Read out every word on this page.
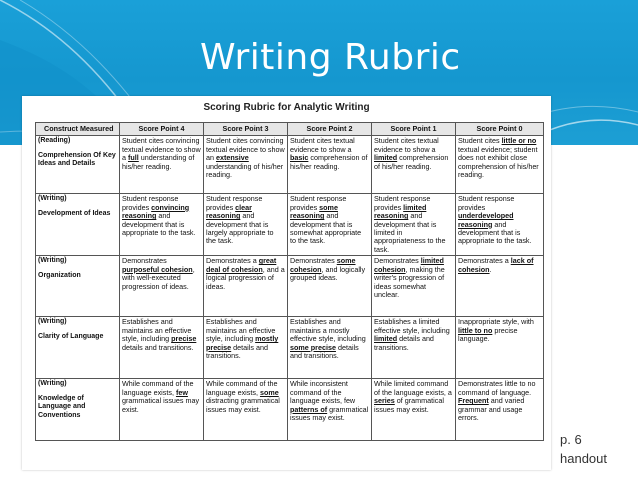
Writing Rubric
Scoring Rubric for Analytic Writing
Construct Measured	Score Point 4	Score Point 3	Score Point 2	Score Point 1	Score Point 0
(Reading)
Comprehension Of Key Ideas and Details	Student cites convincing textual evidence to show a full understanding of his/her reading.	Student cites convincing textual evidence to show an extensive understanding of his/her reading.	Student cites textual evidence to show a basic comprehension of his/her reading.	Student cites textual evidence to show a limited comprehension of his/her reading.	Student cites little or no textual evidence; student does not exhibit close comprehension of his/her reading.
(Writing)
Development of Ideas	Student response provides convincing reasoning and development that is appropriate to the task.	Student response provides clear reasoning and development that is largely appropriate to the task.	Student response provides some reasoning and development that is somewhat appropriate to the task.	Student response provides limited reasoning and development that is limited in appropriateness to the task.	Student response provides underdeveloped reasoning and development that is appropriate to the task.
(Writing)
Organization	Demonstrates purposeful cohesion, with well-executed progression of ideas.	Demonstrates a great deal of cohesion, and a logical progression of ideas.	Demonstrates some cohesion, and logically grouped ideas.	Demonstrates limited cohesion, making the writer's progression of ideas somewhat unclear.	Demonstrates a lack of cohesion.
(Writing)
Clarity of Language	Establishes and maintains an effective style, including precise details and transitions.	Establishes and maintains an effective style, including mostly precise details and transitions.	Establishes and maintains a mostly effective style, including some precise details and transitions.	Establishes a limited effective style, including limited details and transitions.	Inappropriate style, with little to no precise language.
(Writing)
Knowledge of Language and Conventions	While command of the language exists, few grammatical issues may exist.	While command of the language exists, some distracting grammatical issues may exist.	While inconsistent command of the language exists, few patterns of grammatical issues may exist.	While limited command of the language exists, a series of grammatical issues may exist.	Demonstrates little to no command of language. Frequent and varied grammar and usage errors.
p. 6
handout
